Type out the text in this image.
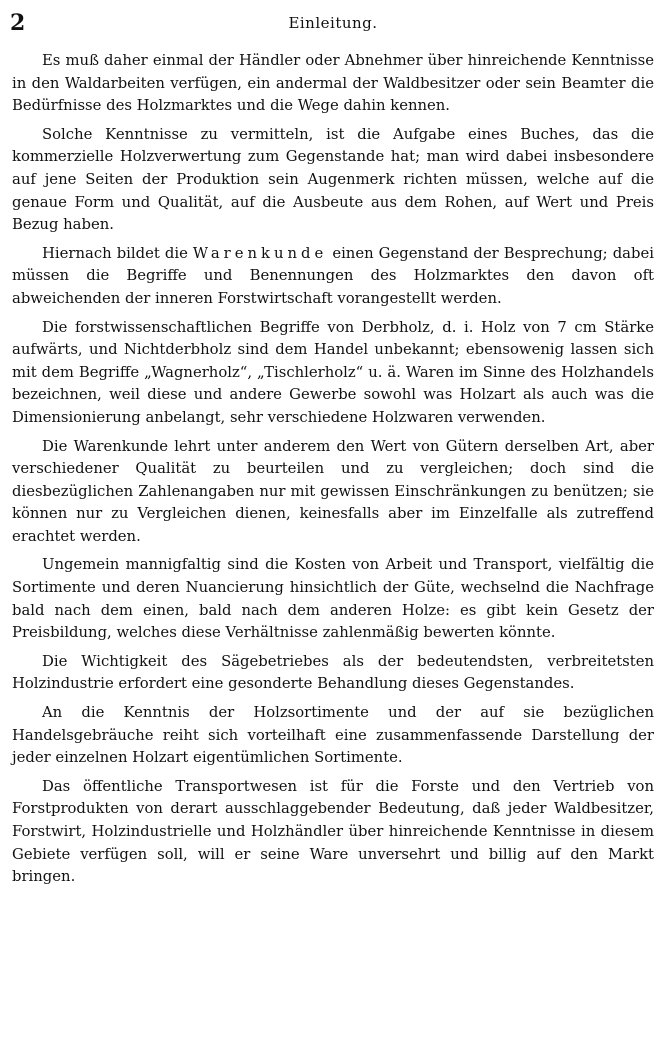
2	Einleitung.

Es muß daher einmal der Händler oder Abnehmer über hinreichende Kenntnisse in den Waldarbeiten verfügen, ein andermal der Waldbesitzer oder sein Beamter die Bedürfnisse des Holzmarktes und die Wege dahin kennen.

Solche Kenntnisse zu vermitteln, ist die Aufgabe eines Buches, das die kommerzielle Holzverwertung zum Gegenstande hat; man wird dabei insbesondere auf jene Seiten der Produktion sein Augenmerk richten müssen, welche auf die genaue Form und Qualität, auf die Ausbeute aus dem Rohen, auf Wert und Preis Bezug haben.

Hiernach bildet die Warenkunde einen Gegenstand der Besprechung; dabei müssen die Begriffe und Benennungen des Holzmarktes den davon oft abweichenden der inneren Forstwirtschaft vorangestellt werden.

Die forstwissenschaftlichen Begriffe von Derbholz, d. i. Holz von 7 cm Stärke aufwärts, und Nichtderbholz sind dem Handel unbekannt; ebensowenig lassen sich mit dem Begriffe „Wagnerholz“, „Tischlerholz“ u. ä. Waren im Sinne des Holzhandels bezeichnen, weil diese und andere Gewerbe sowohl was Holzart als auch was die Dimensionierung anbelangt, sehr verschiedene Holzwaren verwenden.

Die Warenkunde lehrt unter anderem den Wert von Gütern derselben Art, aber verschiedener Qualität zu beurteilen und zu vergleichen; doch sind die diesbezüglichen Zahlenangaben nur mit gewissen Einschränkungen zu benützen; sie können nur zu Vergleichen dienen, keinesfalls aber im Einzelfalle als zutreffend erachtet werden.

Ungemein mannigfaltig sind die Kosten von Arbeit und Transport, vielfältig die Sortimente und deren Nuancierung hinsichtlich der Güte, wechselnd die Nachfrage bald nach dem einen, bald nach dem anderen Holze: es gibt kein Gesetz der Preisbildung, welches diese Verhältnisse zahlenmäßig bewerten könnte.

Die Wichtigkeit des Sägebetriebes als der bedeutendsten, verbreitetsten Holzindustrie erfordert eine gesonderte Behandlung dieses Gegenstandes.

An die Kenntnis der Holzsortimente und der auf sie bezüglichen Handelsgebräuche reiht sich vorteilhaft eine zusammenfassende Darstellung der jeder einzelnen Holzart eigentümlichen Sortimente.

Das öffentliche Transportwesen ist für die Forste und den Vertrieb von Forstprodukten von derart ausschlaggebender Bedeutung, daß jeder Waldbesitzer, Forstwirt, Holzindustrielle und Holzhändler über hinreichende Kenntnisse in diesem Gebiete verfügen soll, will er seine Ware unversehrt und billig auf den Markt bringen.
